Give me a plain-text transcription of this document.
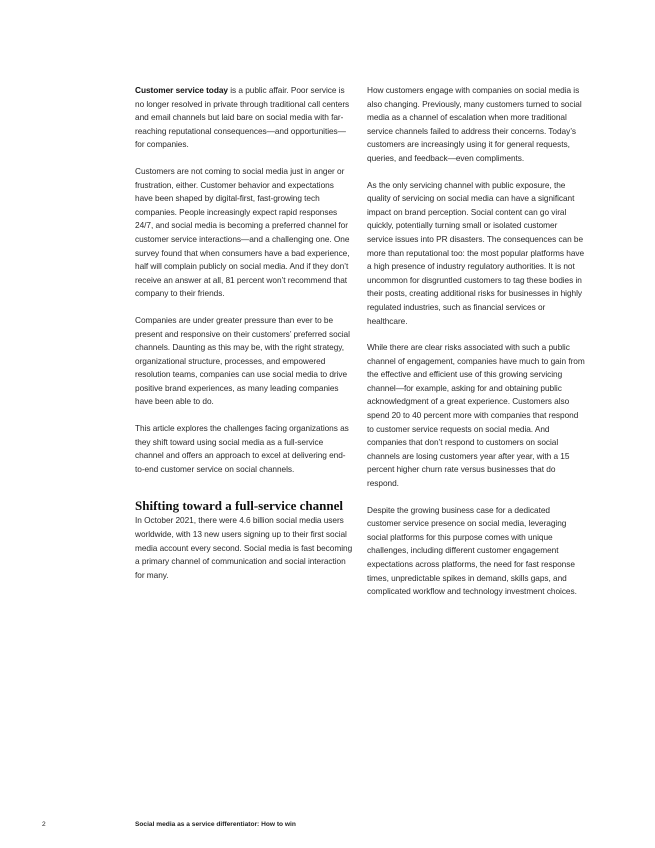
Customer service today is a public affair. Poor service is no longer resolved in private through traditional call centers and email channels but laid bare on social media with far-reaching reputational consequences—and opportunities—for companies.

Customers are not coming to social media just in anger or frustration, either. Customer behavior and expectations have been shaped by digital-first, fast-growing tech companies. People increasingly expect rapid responses 24/7, and social media is becoming a preferred channel for customer service interactions—and a challenging one. One survey found that when consumers have a bad experience, half will complain publicly on social media. And if they don’t receive an answer at all, 81 percent won’t recommend that company to their friends.

Companies are under greater pressure than ever to be present and responsive on their customers’ preferred social channels. Daunting as this may be, with the right strategy, organizational structure, processes, and empowered resolution teams, companies can use social media to drive positive brand experiences, as many leading companies have been able to do.

This article explores the challenges facing organizations as they shift toward using social media as a full-service channel and offers an approach to excel at delivering end-to-end customer service on social channels.

Shifting toward a full-service channel

In October 2021, there were 4.6 billion social media users worldwide, with 13 new users signing up to their first social media account every second. Social media is fast becoming a primary channel of communication and social interaction for many.

How customers engage with companies on social media is also changing. Previously, many customers turned to social media as a channel of escalation when more traditional service channels failed to address their concerns. Today’s customers are increasingly using it for general requests, queries, and feedback—even compliments.

As the only servicing channel with public exposure, the quality of servicing on social media can have a significant impact on brand perception. Social content can go viral quickly, potentially turning small or isolated customer service issues into PR disasters. The consequences can be more than reputational too: the most popular platforms have a high presence of industry regulatory authorities. It is not uncommon for disgruntled customers to tag these bodies in their posts, creating additional risks for businesses in highly regulated industries, such as financial services or healthcare.

While there are clear risks associated with such a public channel of engagement, companies have much to gain from the effective and efficient use of this growing servicing channel—for example, asking for and obtaining public acknowledgment of a great experience. Customers also spend 20 to 40 percent more with companies that respond to customer service requests on social media. And companies that don’t respond to customers on social channels are losing customers year after year, with a 15 percent higher churn rate versus businesses that do respond.

Despite the growing business case for a dedicated customer service presence on social media, leveraging social platforms for this purpose comes with unique challenges, including different customer engagement expectations across platforms, the need for fast response times, unpredictable spikes in demand, skills gaps, and complicated workflow and technology investment choices.

2	Social media as a service differentiator: How to win
